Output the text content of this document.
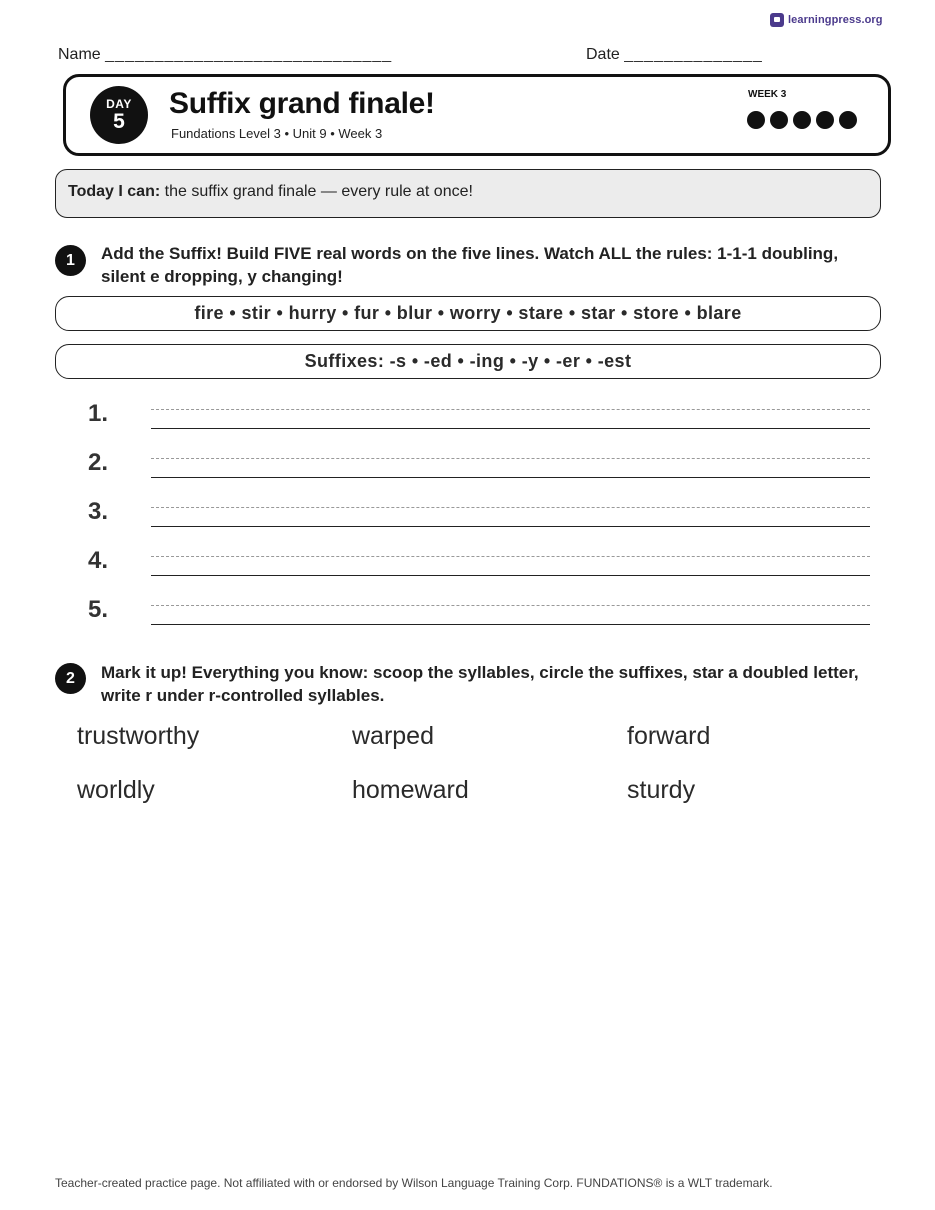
learningpress.org
Name _____________________________	Date ______________
DAY
5
Suffix grand finale!
Fundations Level 3 • Unit 9 • Week 3
WEEK 3
Today I can: the suffix grand finale — every rule at once!
1	Add the Suffix! Build FIVE real words on the five lines. Watch ALL the rules: 1-1-1 doubling, silent e dropping, y changing!
fire • stir • hurry • fur • blur • worry • stare • star • store • blare
Suffixes: -s • -ed • -ing • -y • -er • -est
1.
2.
3.
4.
5.
2	Mark it up! Everything you know: scoop the syllables, circle the suffixes, star a doubled letter, write r under r-controlled syllables.
trustworthy	warped	forward
worldly	homeward	sturdy
Teacher-created practice page. Not affiliated with or endorsed by Wilson Language Training Corp. FUNDATIONS® is a WLT trademark.
